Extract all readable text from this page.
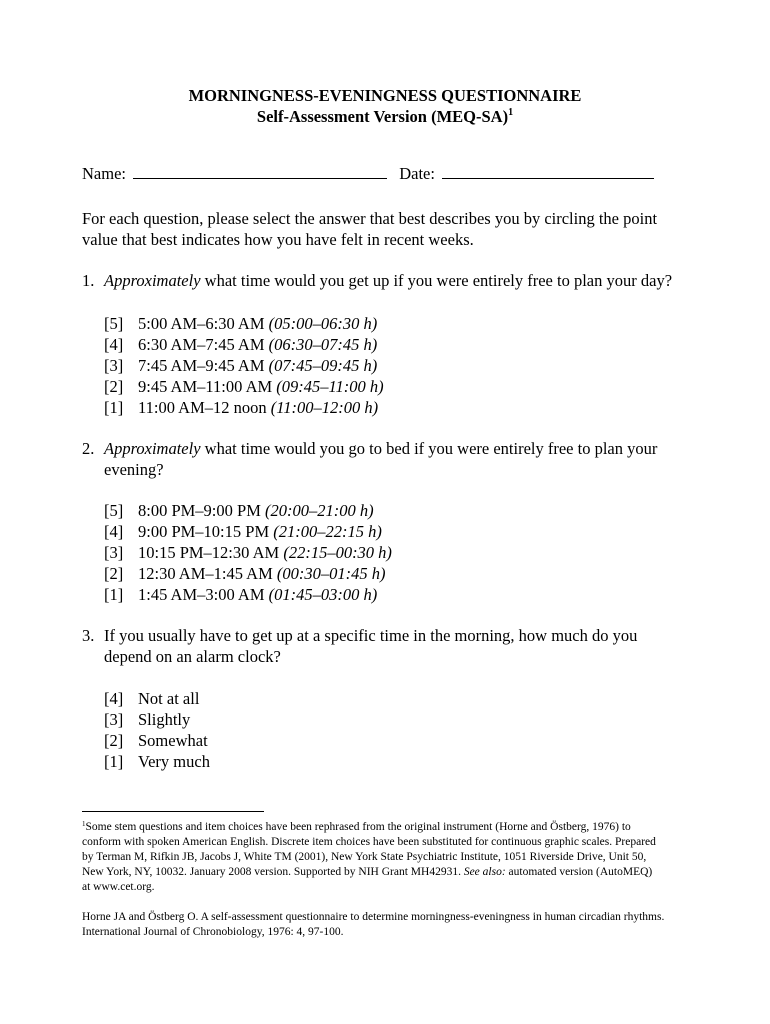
MORNINGNESS-EVENINGNESS QUESTIONNAIRE
Self-Assessment Version $(MEQ-SA)^1$
Name:	Date:
For each question, please select the answer that best describes you by circling the point
value that best indicates how you have felt in recent weeks.
1. Approximately what time would you get up if you were entirely free to plan your day?
[5] 5:00 AM–6:30 AM (05:00–06:30 h)
[4] 6:30 AM–7:45 AM (06:30–07:45 h)
[3] 7:45 AM–9:45 AM (07:45–09:45 h)
[2] 9:45 AM–11:00 AM (09:45–11:00 h)
[1] 11:00 AM–12 noon (11:00–12:00 h)
2. Approximately what time would you go to bed if you were entirely free to plan your
evening?
[5] 8:00 PM–9:00 PM (20:00–21:00 h)
[4] 9:00 PM–10:15 PM (21:00–22:15 h)
[3] 10:15 PM–12:30 AM (22:15–00:30 h)
[2] 12:30 AM–1:45 AM (00:30–01:45 h)
[1] 1:45 AM–3:00 AM (01:45–03:00 h)
3. If you usually have to get up at a specific time in the morning, how much do you
depend on an alarm clock?
[4] Not at all
[3] Slightly
[2] Somewhat
[1] Very much
$^1$Some stem questions and item choices have been rephrased from the original instrument (Horne and Östberg, 1976) to
conform with spoken American English. Discrete item choices have been substituted for continuous graphic scales. Prepared
by Terman M, Rifkin JB, Jacobs J, White TM (2001), New York State Psychiatric Institute, 1051 Riverside Drive, Unit 50,
New York, NY, 10032. January 2008 version. Supported by NIH Grant MH42931. See also: automated version (AutoMEQ)
at www.cet.org.
Horne JA and Östberg O. A self-assessment questionnaire to determine morningness-eveningness in human circadian rhythms.
International Journal of Chronobiology, 1976: 4, 97-100.
